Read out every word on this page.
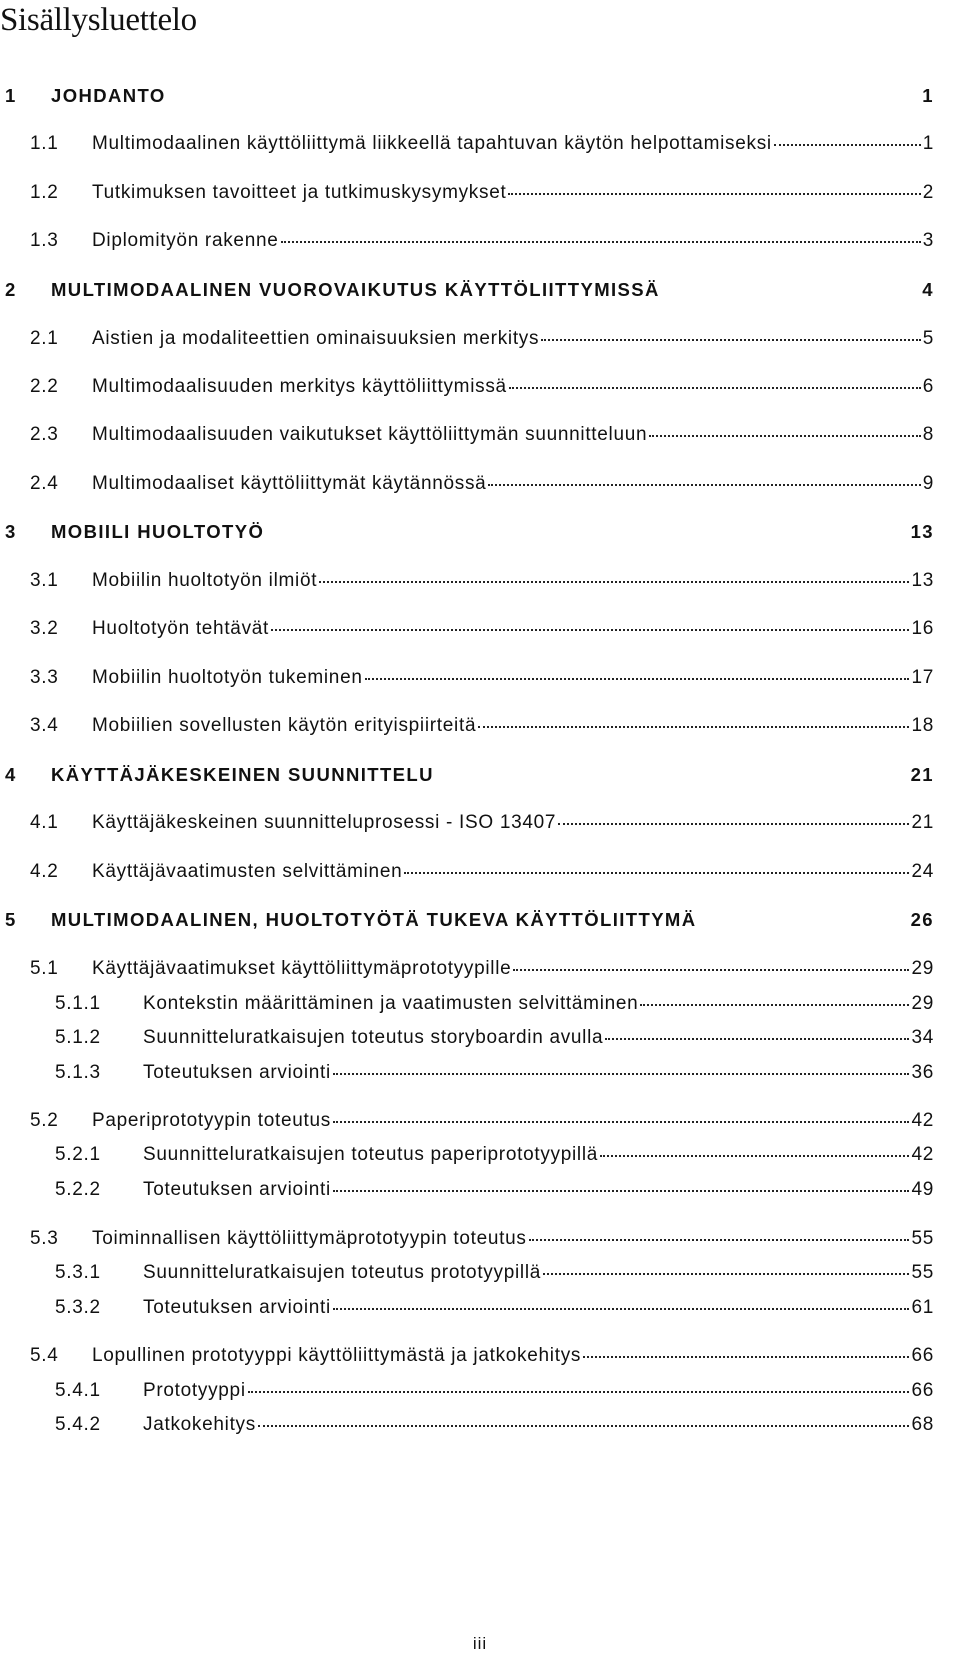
Sisällysluettelo
1	JOHDANTO	1
1.1	Multimodaalinen käyttöliittymä liikkeellä tapahtuvan käytön helpottamiseksi	1
1.2	Tutkimuksen tavoitteet ja tutkimuskysymykset	2
1.3	Diplomityön rakenne	3
2	MULTIMODAALINEN VUOROVAIKUTUS KÄYTTÖLIITTYMISSÄ	4
2.1	Aistien ja modaliteettien ominaisuuksien merkitys	5
2.2	Multimodaalisuuden merkitys käyttöliittymissä	6
2.3	Multimodaalisuuden vaikutukset käyttöliittymän suunnitteluun	8
2.4	Multimodaaliset käyttöliittymät käytännössä	9
3	MOBIILI HUOLTOTYÖ	13
3.1	Mobiilin huoltotyön ilmiöt	13
3.2	Huoltotyön tehtävät	16
3.3	Mobiilin huoltotyön tukeminen	17
3.4	Mobiilien sovellusten käytön erityispiirteitä	18
4	KÄYTTÄJÄKESKEINEN SUUNNITTELU	21
4.1	Käyttäjäkeskeinen suunnitteluprosessi - ISO 13407	21
4.2	Käyttäjävaatimusten selvittäminen	24
5	MULTIMODAALINEN, HUOLTOTYÖTÄ TUKEVA KÄYTTÖLIITTYMÄ	26
5.1	Käyttäjävaatimukset käyttöliittymäprototyypille	29
5.1.1	Kontekstin määrittäminen ja vaatimusten selvittäminen	29
5.1.2	Suunnitteluratkaisujen toteutus storyboardin avulla	34
5.1.3	Toteutuksen arviointi	36
5.2	Paperiprototyypin toteutus	42
5.2.1	Suunnitteluratkaisujen toteutus paperiprototyypillä	42
5.2.2	Toteutuksen arviointi	49
5.3	Toiminnallisen käyttöliittymäprototyypin toteutus	55
5.3.1	Suunnitteluratkaisujen toteutus prototyypillä	55
5.3.2	Toteutuksen arviointi	61
5.4	Lopullinen prototyyppi käyttöliittymästä ja jatkokehitys	66
5.4.1	Prototyyppi	66
5.4.2	Jatkokehitys	68
iii
